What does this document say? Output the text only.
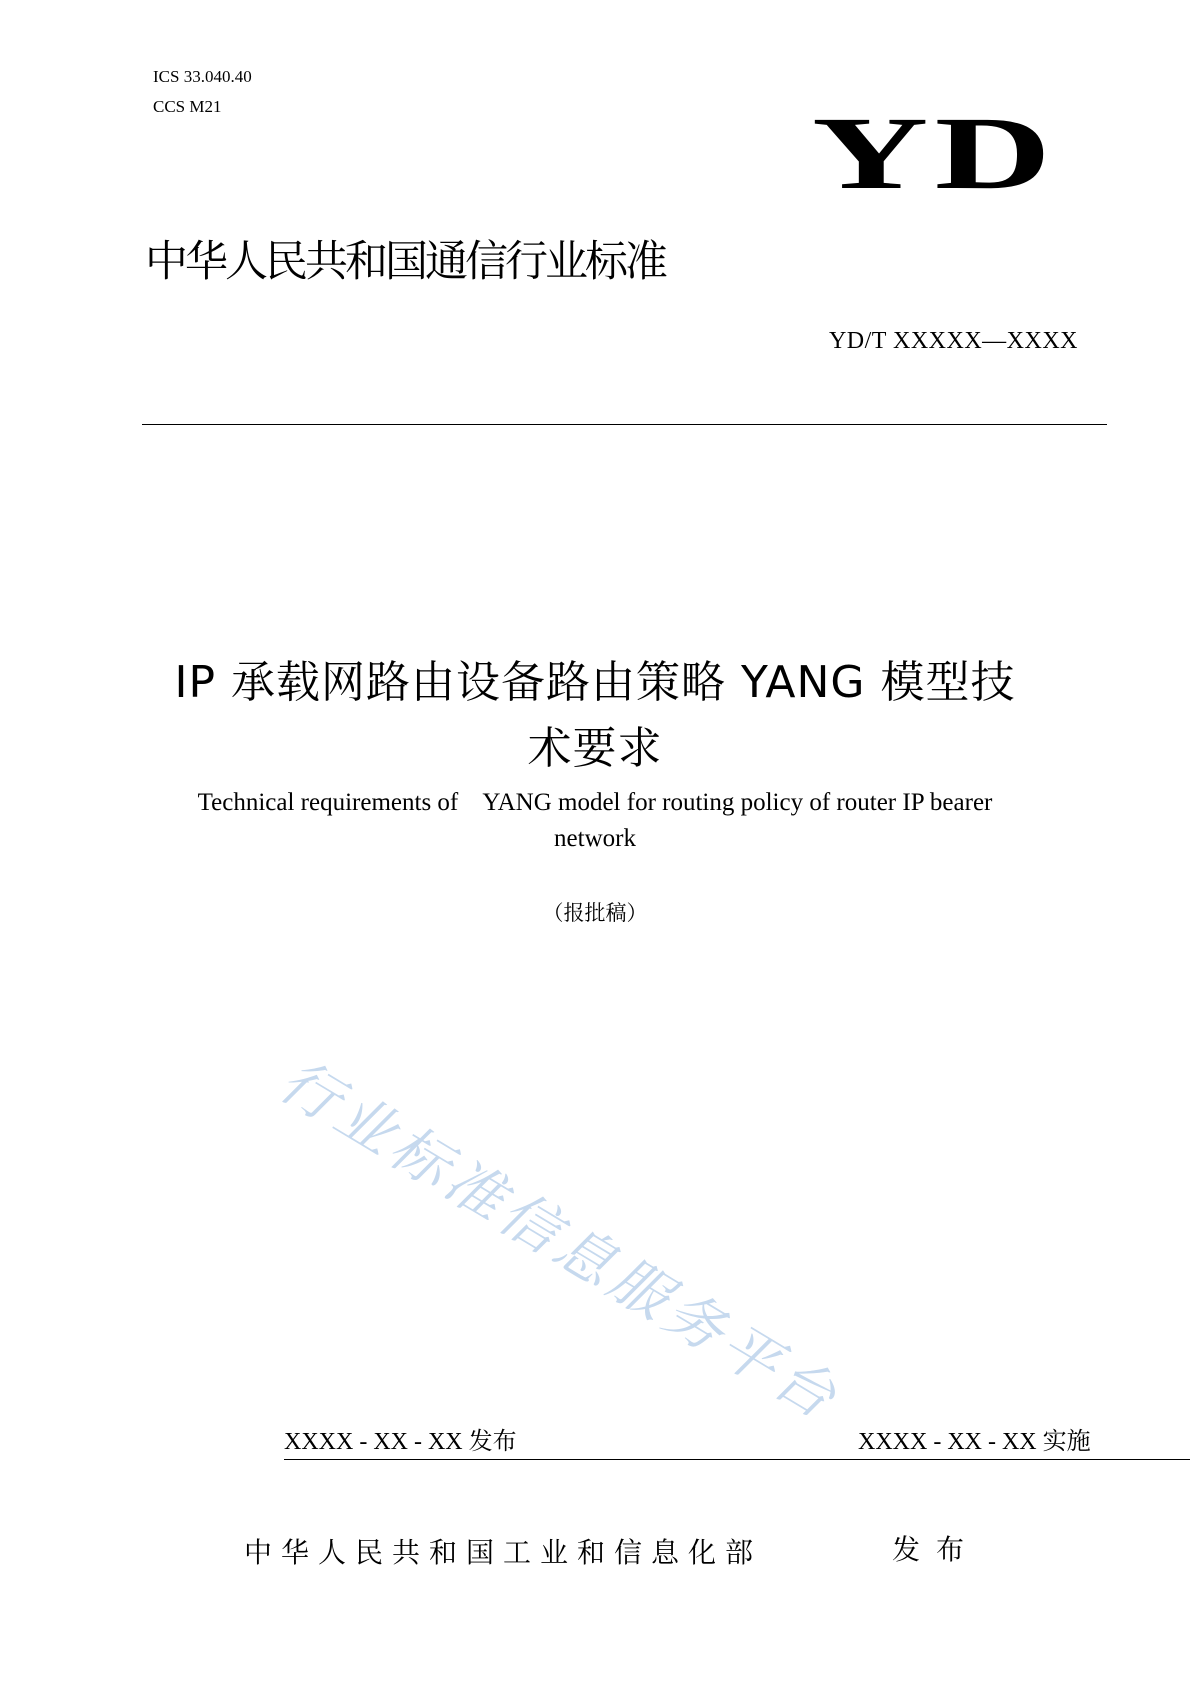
ICS 33.040.40
CCS M21	YD
中华人民共和国通信行业标准
YD/T XXXXX—XXXX
IP 承载网路由设备路由策略 YANG 模型技
术要求
Technical requirements of    YANG model for routing policy of router IP bearer
network
（报批稿）
行业标准信息服务平台
XXXX - XX - XX 发布	XXXX - XX - XX 实施
中华人民共和国工业和信息化部	发布
